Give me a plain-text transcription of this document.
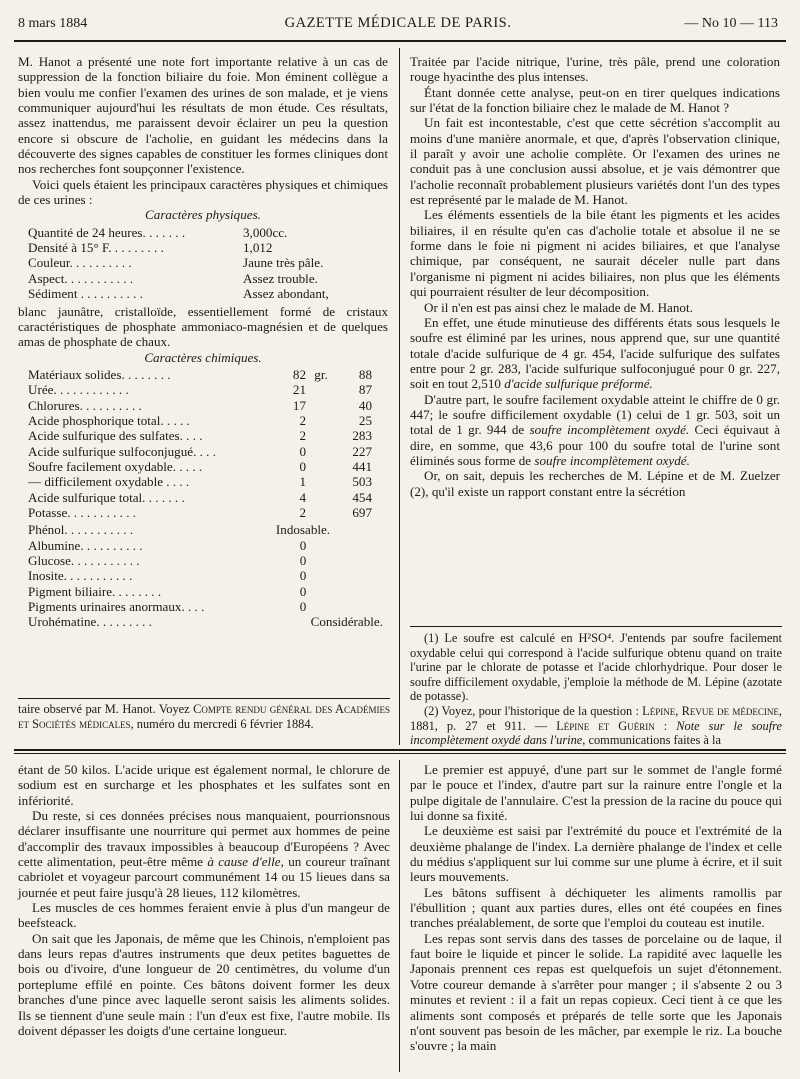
8 mars 1884	GAZETTE MÉDICALE DE PARIS.	— No 10 — 113

M. Hanot a présenté une note fort importante relative à un cas de suppression de la fonction biliaire du foie. Mon éminent collègue a bien voulu me confier l'examen des urines de son malade, et je viens communiquer aujourd'hui les résultats de mon étude. Ces résultats, assez inattendus, me paraissent devoir éclairer un peu la question encore si obscure de l'acholie, en guidant les médecins dans la découverte des signes capables de constituer les formes cliniques dont nos recherches font soupçonner l'existence.

Voici quels étaient les principaux caractères physiques et chimiques de ces urines :

Caractères physiques.

Quantité de 24 heures. . . . . . .	3,000cc.
Densité à 15° F. . . . . . . . .	1,012
Couleur. . . . . . . . . .	Jaune très pâle.
Aspect. . . . . . . . . . .	Assez trouble.
Sédiment . . . . . . . . . .	Assez abondant,

blanc jaunâtre, cristalloïde, essentiellement formé de cristaux caractéristiques de phosphate ammoniaco-magnésien et de quelques amas de phosphate de chaux.

Caractères chimiques.

Matériaux solides. . . . . . . .	82 gr.	88
Urée. . . . . . . . . . . .	21	87
Chlorures. . . . . . . . . .	17	40
Acide phosphorique total. . . . .	2	25
Acide sulfurique des sulfates. . . .	2	283
Acide sulfurique sulfoconjugué. . . .	0	227
Soufre facilement oxydable. . . . .	0	441
— difficilement oxydable . . . .	1	503
Acide sulfurique total. . . . . . .	4	454
Potasse. . . . . . . . . . .	2	697
Phénol. . . . . . . . . . .	Indosable.
Albumine. . . . . . . . . .	0
Glucose. . . . . . . . . . .	0
Inosite. . . . . . . . . . .	0
Pigment biliaire. . . . . . . .	0
Pigments urinaires anormaux. . . .	0
Urohématine. . . . . . . . .	Considérable.

taire observé par M. Hanot. Voyez Compte rendu général des Académies et Sociétés médicales, numéro du mercredi 6 février 1884.

Traitée par l'acide nitrique, l'urine, très pâle, prend une coloration rouge hyacinthe des plus intenses.

Étant donnée cette analyse, peut-on en tirer quelques indications sur l'état de la fonction biliaire chez le malade de M. Hanot ?

Un fait est incontestable, c'est que cette sécrétion s'accomplit au moins d'une manière anormale, et que, d'après l'observation clinique, il paraît y avoir une acholie complète. Or l'examen des urines ne conduit pas à une conclusion aussi absolue, et je vais démontrer que l'acholie reconnaît probablement plusieurs variétés dont l'un des types est représenté par le malade de M. Hanot.

Les éléments essentiels de la bile étant les pigments et les acides biliaires, il en résulte qu'en cas d'acholie totale et absolue il ne se forme dans le foie ni pigment ni acides biliaires, et que l'analyse chimique, par conséquent, ne saurait déceler nulle part dans l'organisme ni pigment ni acides biliaires, non plus que les éléments qui pourraient résulter de leur décomposition.

Or il n'en est pas ainsi chez le malade de M. Hanot.

En effet, une étude minutieuse des différents états sous lesquels le soufre est éliminé par les urines, nous apprend que, sur une quantité totale d'acide sulfurique de 4 gr. 454, l'acide sulfurique des sulfates entre pour 2 gr. 283, l'acide sulfurique sulfoconjugué pour 0 gr. 227, soit en tout 2,510 d'acide sulfurique préformé.

D'autre part, le soufre facilement oxydable atteint le chiffre de 0 gr. 447; le soufre difficilement oxydable (1) celui de 1 gr. 503, soit un total de 1 gr. 944 de soufre incomplètement oxydé. Ceci équivaut à dire, en somme, que 43,6 pour 100 du soufre total de l'urine sont éliminés sous forme de soufre incomplètement oxydé.

Or, on sait, depuis les recherches de M. Lépine et de M. Zuelzer (2), qu'il existe un rapport constant entre la sécrétion

(1) Le soufre est calculé en H²SO⁴. J'entends par soufre facilement oxydable celui qui correspond à l'acide sulfurique obtenu quand on traite l'urine par le chlorate de potasse et l'acide chlorhydrique. Pour doser le soufre difficilement oxydable, j'emploie la méthode de M. Lépine (azotate de potasse).

(2) Voyez, pour l'historique de la question : Lépine, Revue de médecine, 1881, p. 27 et 911. — Lépine et Guérin : Note sur le soufre incomplètement oxydé dans l'urine, communications faites à la

étant de 50 kilos. L'acide urique est également normal, le chlorure de sodium est en surcharge et les phosphates et les sulfates sont en infériorité.

Du reste, si ces données précises nous manquaient, pourrionsnous déclarer insuffisante une nourriture qui permet aux hommes de peine d'accomplir des travaux impossibles à beaucoup d'Européens ? Avec cette alimentation, peut-être même à cause d'elle, un coureur traînant cabriolet et voyageur parcourt communément 14 ou 15 lieues dans sa journée et peut faire jusqu'à 28 lieues, 112 kilomètres.

Les muscles de ces hommes feraient envie à plus d'un mangeur de beefsteack.

On sait que les Japonais, de même que les Chinois, n'emploient pas dans leurs repas d'autres instruments que deux petites baguettes de bois ou d'ivoire, d'une longueur de 20 centimètres, du volume d'un porteplume effilé en pointe. Ces bâtons doivent former les deux branches d'une pince avec laquelle seront saisis les aliments solides. Ils se tiennent d'une seule main : l'un d'eux est fixe, l'autre mobile. Ils doivent dépasser les doigts d'une certaine longueur.

Le premier est appuyé, d'une part sur le sommet de l'angle formé par le pouce et l'index, d'autre part sur la rainure entre l'ongle et la pulpe digitale de l'annulaire. C'est la pression de la racine du pouce qui lui donne sa fixité.

Le deuxième est saisi par l'extrémité du pouce et l'extrémité de la deuxième phalange de l'index. La dernière phalange de l'index et celle du médius s'appliquent sur lui comme sur une plume à écrire, et il suit leurs mouvements.

Les bâtons suffisent à déchiqueter les aliments ramollis par l'ébullition ; quant aux parties dures, elles ont été coupées en fines tranches préalablement, de sorte que l'emploi du couteau est inutile.

Les repas sont servis dans des tasses de porcelaine ou de laque, il faut boire le liquide et pincer le solide. La rapidité avec laquelle les Japonais prennent ces repas est quelquefois un sujet d'étonnement. Votre coureur demande à s'arrêter pour manger ; il s'absente 2 ou 3 minutes et revient : il a fait un repas copieux. Ceci tient à ce que les aliments sont composés et préparés de telle sorte que les Japonais n'ont souvent pas besoin de les mâcher, par exemple le riz. La bouche s'ouvre ; la main
